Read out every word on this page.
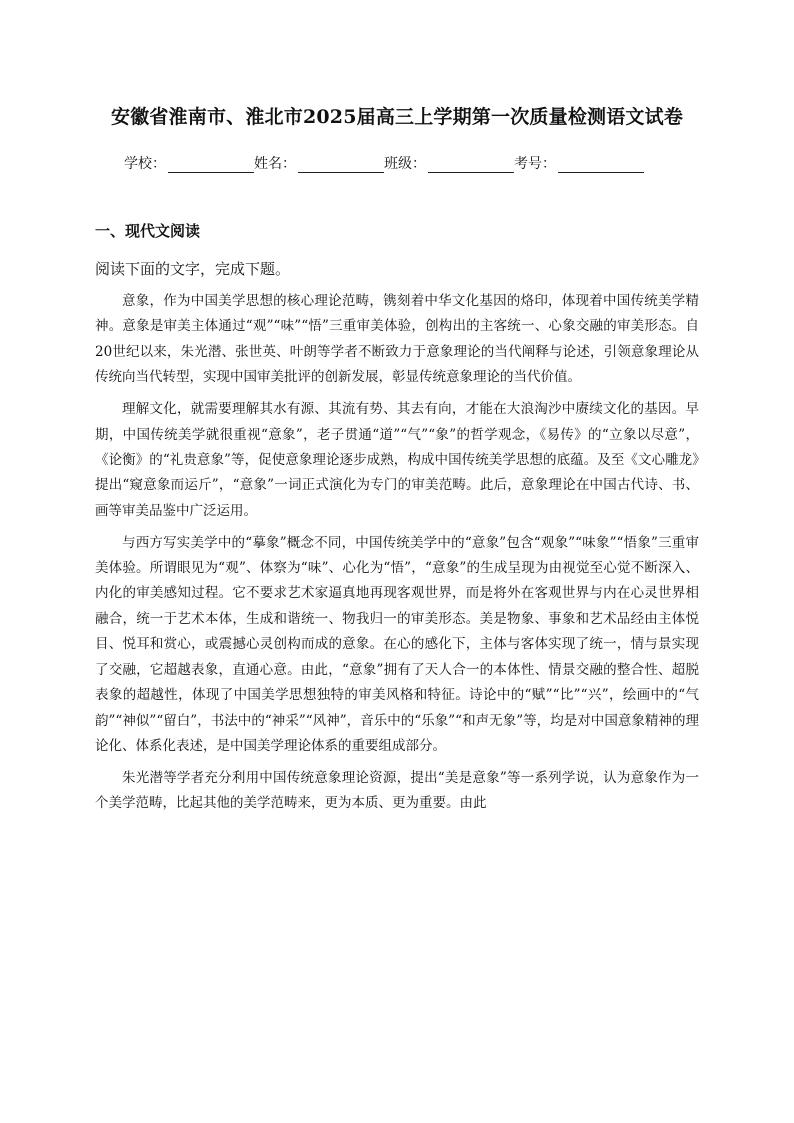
安徽省淮南市、淮北市2025届高三上学期第一次质量检测语文试卷
学校：	姓名：	班级：	考号：
一、现代文阅读
阅读下面的文字，完成下题。

意象，作为中国美学思想的核心理论范畴，镌刻着中华文化基因的烙印，体现着中国传统美学精神。意象是审美主体通过“观”“味”“悟”三重审美体验，创构出的主客统一、心象交融的审美形态。自20世纪以来，朱光潜、张世英、叶朗等学者不断致力于意象理论的当代阐释与论述，引领意象理论从传统向当代转型，实现中国审美批评的创新发展，彰显传统意象理论的当代价值。

理解文化，就需要理解其水有源、其流有势、其去有向，才能在大浪淘沙中赓续文化的基因。早期，中国传统美学就很重视“意象”，老子贯通“道”“气”“象”的哲学观念，《易传》的“立象以尽意”，《论衡》的“礼贵意象”等，促使意象理论逐步成熟，构成中国传统美学思想的底蕴。及至《文心雕龙》提出“窥意象而运斤”，“意象”一词正式演化为专门的审美范畴。此后，意象理论在中国古代诗、书、画等审美品鉴中广泛运用。

与西方写实美学中的“摹象”概念不同，中国传统美学中的“意象”包含“观象”“味象”“悟象”三重审美体验。所谓眼见为“观”、体察为“味”、心化为“悟”，“意象”的生成呈现为由视觉至心觉不断深入、内化的审美感知过程。它不要求艺术家逼真地再现客观世界，而是将外在客观世界与内在心灵世界相融合，统一于艺术本体，生成和谐统一、物我归一的审美形态。美是物象、事象和艺术品经由主体悦目、悦耳和赏心，或震撼心灵创构而成的意象。在心的感化下，主体与客体实现了统一，情与景实现了交融，它超越表象，直通心意。由此，“意象”拥有了天人合一的本体性、情景交融的整合性、超脱表象的超越性，体现了中国美学思想独特的审美风格和特征。诗论中的“赋”“比”“兴”，绘画中的“气韵”“神似”“留白”，书法中的“神采”“风神”，音乐中的“乐象”“和声无象”等，均是对中国意象精神的理论化、体系化表述，是中国美学理论体系的重要组成部分。

朱光潜等学者充分利用中国传统意象理论资源，提出“美是意象”等一系列学说，认为意象作为一个美学范畴，比起其他的美学范畴来，更为本质、更为重要。由此
